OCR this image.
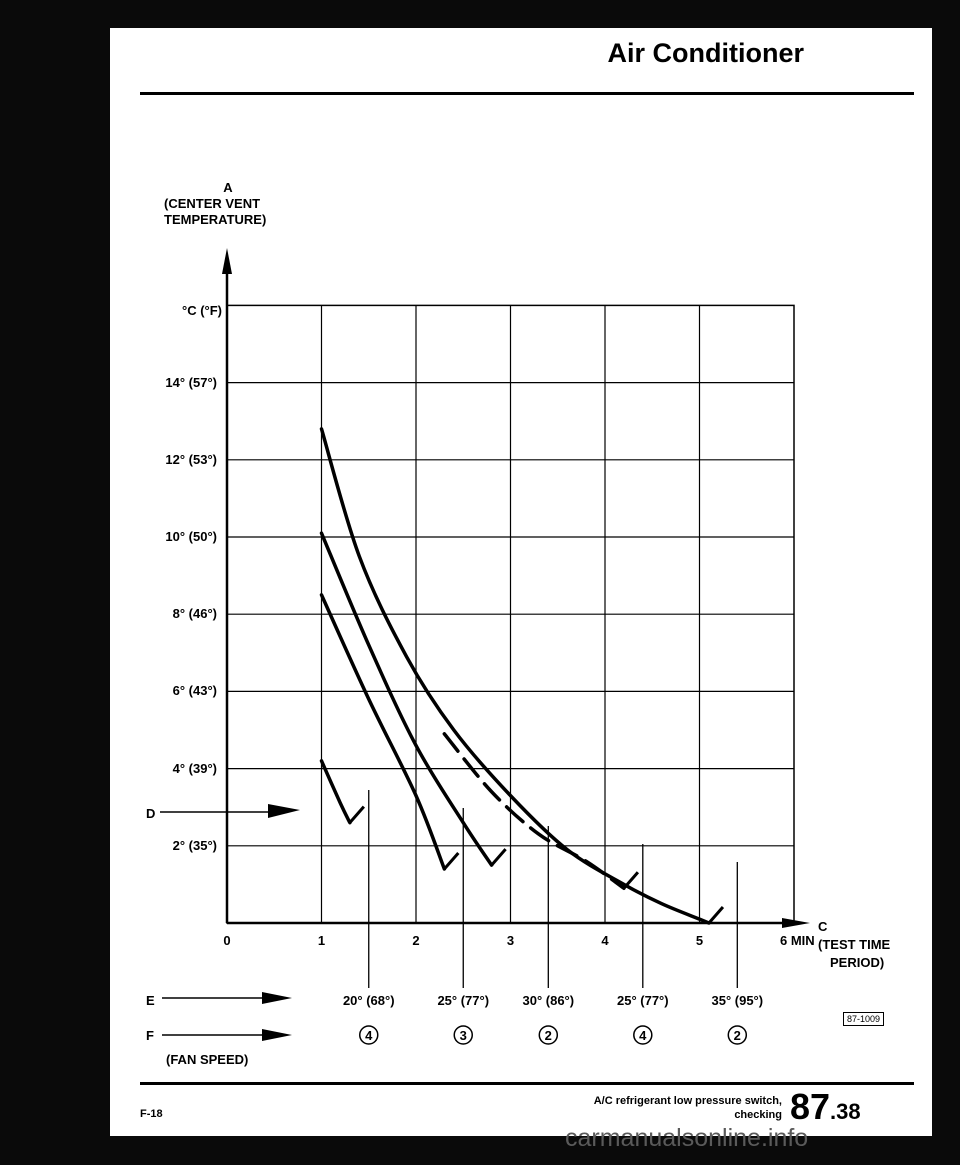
Air Conditioner
A
(CENTER VENT
TEMPERATURE)
°C (°F)
C
(TEST TIME
PERIOD)
D
E
F
(FAN SPEED)
20° (68°)
4
25° (77°)
3
30° (86°)
2
25° (77°)
4
35° (95°)
2
2° (35°)
4° (39°)
6° (43°)
8° (46°)
10° (50°)
12° (53°)
14° (57°)
0	1	2	3	4	5	6 MIN
F-18
A/C refrigerant low pressure switch, checking 87.38
87-1009
carmanualsonline.info
